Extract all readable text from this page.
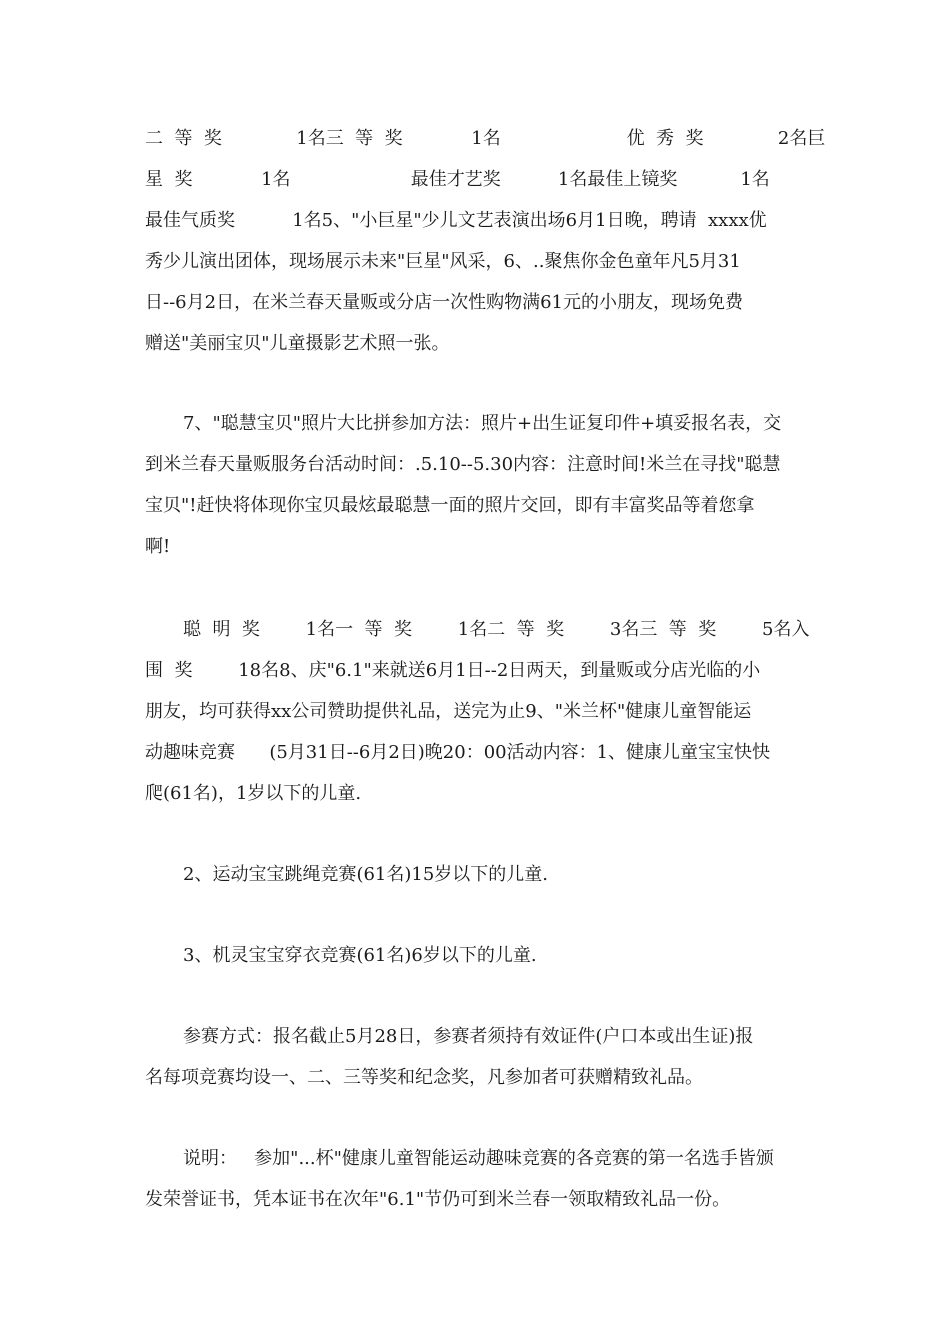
二  等  奖             1名三  等  奖            1名                      优  秀  奖             2名巨
星  奖            1名                     最佳才艺奖          1名最佳上镜奖           1名
最佳气质奖          1名5、"小巨星"少儿文艺表演出场6月1日晚，聘请  xxxx优
秀少儿演出团体，现场展示未来"巨星"风采，6、..聚焦你金色童年凡5月31
日--6月2日，在米兰春天量贩或分店一次性购物满61元的小朋友，现场免费
赠送"美丽宝贝"儿童摄影艺术照一张。
7、"聪慧宝贝"照片大比拼参加方法：照片+出生证复印件+填妥报名表，交
到米兰春天量贩服务台活动时间：.5.10--5.30内容：注意时间!米兰在寻找"聪慧
宝贝"!赶快将体现你宝贝最炫最聪慧一面的照片交回，即有丰富奖品等着您拿
啊!
聪  明  奖        1名一  等  奖        1名二  等  奖        3名三  等  奖        5名入
围  奖        18名8、庆"6.1"来就送6月1日--2日两天，到量贩或分店光临的小
朋友，均可获得xx公司赞助提供礼品，送完为止9、"米兰杯"健康儿童智能运
动趣味竞赛      (5月31日--6月2日)晚20：00活动内容：1、健康儿童宝宝快快
爬(61名)，1岁以下的儿童.
2、运动宝宝跳绳竞赛(61名)15岁以下的儿童.
3、机灵宝宝穿衣竞赛(61名)6岁以下的儿童.
参赛方式：报名截止5月28日，参赛者须持有效证件(户口本或出生证)报
名每项竞赛均设一、二、三等奖和纪念奖，凡参加者可获赠精致礼品。
说明：   参加"...杯"健康儿童智能运动趣味竞赛的各竞赛的第一名选手皆颁
发荣誉证书，凭本证书在次年"6.1"节仍可到米兰春一领取精致礼品一份。
